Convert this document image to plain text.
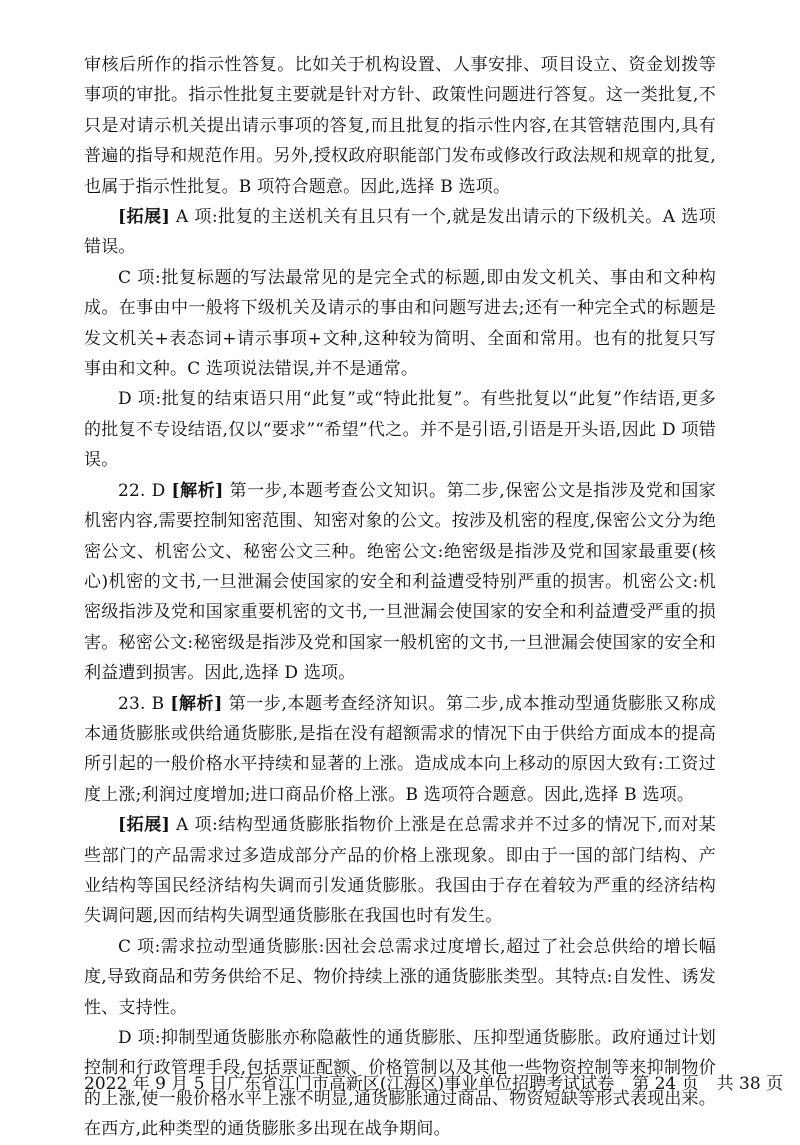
审核后所作的指示性答复。比如关于机构设置、人事安排、项目设立、资金划拨等事项的审批。指示性批复主要就是针对方针、政策性问题进行答复。这一类批复,不只是对请示机关提出请示事项的答复,而且批复的指示性内容,在其管辖范围内,具有普遍的指导和规范作用。另外,授权政府职能部门发布或修改行政法规和规章的批复,也属于指示性批复。B 项符合题意。因此,选择 B 选项。

[拓展] A 项:批复的主送机关有且只有一个,就是发出请示的下级机关。A 选项错误。

C 项:批复标题的写法最常见的是完全式的标题,即由发文机关、事由和文种构成。在事由中一般将下级机关及请示的事由和问题写进去;还有一种完全式的标题是发文机关+表态词+请示事项+文种,这种较为简明、全面和常用。也有的批复只写事由和文种。C 选项说法错误,并不是通常。

D 项:批复的结束语只用“此复”或“特此批复”。有些批复以“此复”作结语,更多的批复不专设结语,仅以“要求”“希望”代之。并不是引语,引语是开头语,因此 D 项错误。

22. D [解析] 第一步,本题考查公文知识。第二步,保密公文是指涉及党和国家机密内容,需要控制知密范围、知密对象的公文。按涉及机密的程度,保密公文分为绝密公文、机密公文、秘密公文三种。绝密公文:绝密级是指涉及党和国家最重要(核心)机密的文书,一旦泄漏会使国家的安全和利益遭受特别严重的损害。机密公文:机密级指涉及党和国家重要机密的文书,一旦泄漏会使国家的安全和利益遭受严重的损害。秘密公文:秘密级是指涉及党和国家一般机密的文书,一旦泄漏会使国家的安全和利益遭到损害。因此,选择 D 选项。

23. B [解析] 第一步,本题考查经济知识。第二步,成本推动型通货膨胀又称成本通货膨胀或供给通货膨胀,是指在没有超额需求的情况下由于供给方面成本的提高所引起的一般价格水平持续和显著的上涨。造成成本向上移动的原因大致有:工资过度上涨;利润过度增加;进口商品价格上涨。B 选项符合题意。因此,选择 B 选项。

[拓展] A 项:结构型通货膨胀指物价上涨是在总需求并不过多的情况下,而对某些部门的产品需求过多造成部分产品的价格上涨现象。即由于一国的部门结构、产业结构等国民经济结构失调而引发通货膨胀。我国由于存在着较为严重的经济结构失调问题,因而结构失调型通货膨胀在我国也时有发生。

C 项:需求拉动型通货膨胀:因社会总需求过度增长,超过了社会总供给的增长幅度,导致商品和劳务供给不足、物价持续上涨的通货膨胀类型。其特点:自发性、诱发性、支持性。

D 项:抑制型通货膨胀亦称隐蔽性的通货膨胀、压抑型通货膨胀。政府通过计划控制和行政管理手段,包括票证配额、价格管制以及其他一些物资控制等来抑制物价的上涨,使一般价格水平上涨不明显,通货膨胀通过商品、物资短缺等形式表现出来。在西方,此种类型的通货膨胀多出现在战争期间。

2022 年 9 月 5 日广东省江门市高新区(江海区)事业单位招聘考试试卷 第 24 页 共 38 页
